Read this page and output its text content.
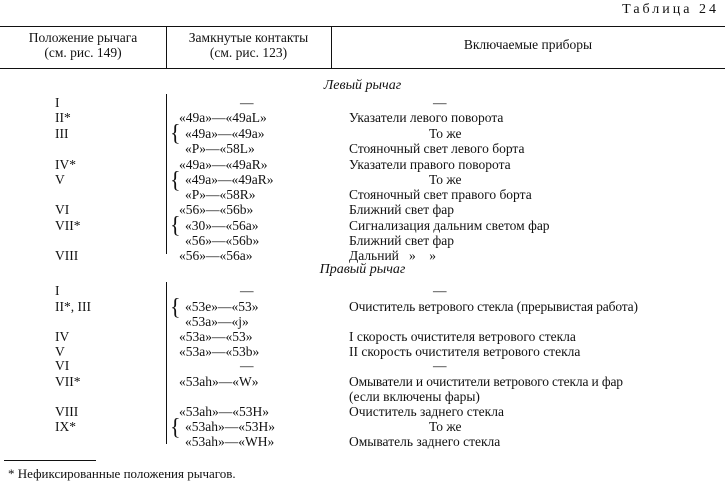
Таблица 24
Положение рычага
(см. рис. 149)
Замкнутые контакты
(см. рис. 123)
Включаемые приборы
Левый рычаг
I	—	—
II*	«49a»—«49aL»	Указатели левого поворота
{
III	«49a»—«49a»	То же
«P»—«58L»	Стояночный свет левого борта
IV*	«49a»—«49aR»	Указатели правого поворота
{
V	«49a»—«49aR»	То же
«P»—«58R»	Стояночный свет правого борта
VI	«56»—«56b»	Ближний свет фар
{
VII*	«30»—«56a»	Сигнализация дальним светом фар
«56»—«56b»	Ближний свет фар
VIII	«56»—«56a»	Дальний   »    »
Правый рычаг
I	—	—
{
II*, III	«53e»—«53»	Очиститель ветрового стекла (прерывистая работа)
«53a»—«j»
IV	«53a»—«53»	I скорость очистителя ветрового стекла
V	«53a»—«53b»	II скорость очистителя ветрового стекла
VI	—	—
VII*	«53ah»—«W»	Омыватели и очистители ветрового стекла и фар
(если включены фары)
VIII	«53ah»—«53H»	Очиститель заднего стекла
{
IX*	«53ah»—«53H»	То же
«53ah»—«WH»	Омыватель заднего стекла
* Нефиксированные положения рычагов.
